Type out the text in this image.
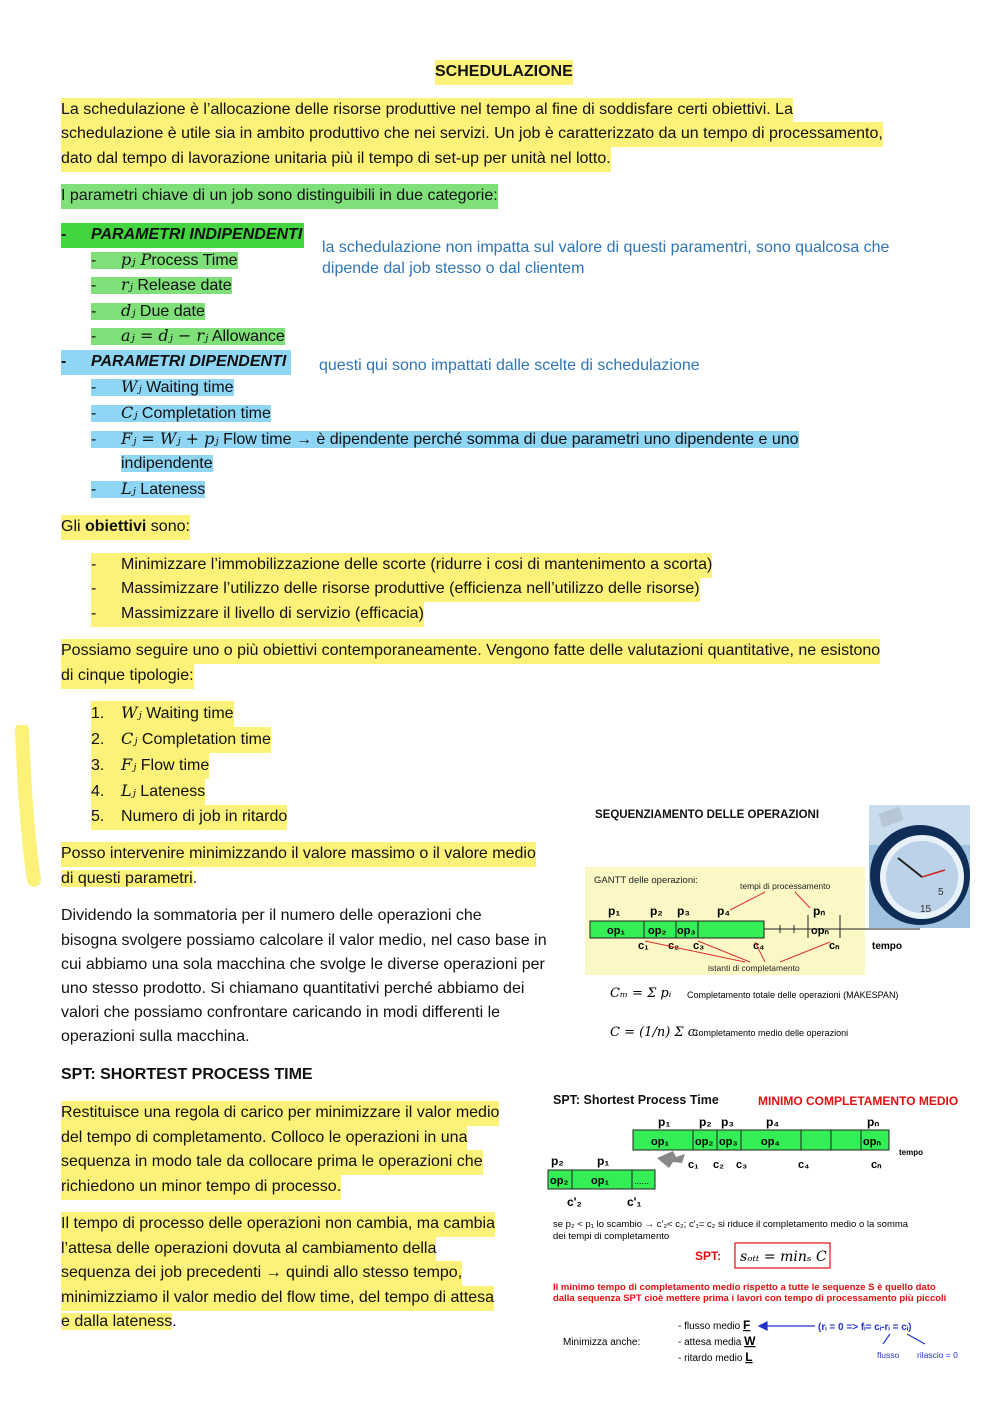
SCHEDULAZIONE
La schedulazione è l’allocazione delle risorse produttive nel tempo al fine di soddisfare certi obiettivi. La
schedulazione è utile sia in ambito produttivo che nei servizi. Un job è caratterizzato da un tempo di processamento,
dato dal tempo di lavorazione unitaria più il tempo di set-up per unità nel lotto.
I parametri chiave di un job sono distinguibili in due categorie:
- PARAMETRI INDIPENDENTI
la schedulazione non impatta sul valore di questi paramentri, sono qualcosa che
dipende dal job stesso o dal clientem
- pⱼ Process Time
- rⱼ Release date
- dⱼ Due date
- aⱼ = dⱼ − rⱼ Allowance
- PARAMETRI DIPENDENTI questi qui sono impattati dalle scelte di schedulazione
- Wⱼ Waiting time
- Cⱼ Completation time
- Fⱼ = Wⱼ + pⱼ Flow time → è dipendente perché somma di due parametri uno dipendente e uno
indipendente
- Lⱼ Lateness
Gli obiettivi sono:
- Minimizzare l’immobilizzazione delle scorte (ridurre i cosi di mantenimento a scorta)
- Massimizzare l’utilizzo delle risorse produttive (efficienza nell’utilizzo delle risorse)
- Massimizzare il livello di servizio (efficacia)
Possiamo seguire uno o più obiettivi contemporaneamente. Vengono fatte delle valutazioni quantitative, ne esistono
di cinque tipologie:
1. Wⱼ Waiting time
2. Cⱼ Completation time
3. Fⱼ Flow time
4. Lⱼ Lateness
5. Numero di job in ritardo
Posso intervenire minimizzando il valore massimo o il valore medio
di questi parametri.
Dividendo la sommatoria per il numero delle operazioni che
bisogna svolgere possiamo calcolare il valor medio, nel caso base in
cui abbiamo una sola macchina che svolge le diverse operazioni per
uno stesso prodotto. Si chiamano quantitativi perché abbiamo dei
valori che possiamo confrontare caricando in modi differenti le
operazioni sulla macchina.
SPT: SHORTEST PROCESS TIME
Restituisce una regola di carico per minimizzare il valor medio
del tempo di completamento. Colloco le operazioni in una
sequenza in modo tale da collocare prima le operazioni che
richiedono un minor tempo di processo.
Il tempo di processo delle operazioni non cambia, ma cambia
l’attesa delle operazioni dovuta al cambiamento della
sequenza dei job precedenti → quindi allo stesso tempo,
minimizziamo il valor medio del flow time, del tempo di attesa
e dalla lateness.
SEQUENZIAMENTO DELLE OPERAZIONI
5
15
GANTT delle operazioni:	tempi di processamento
p₁ p₂ p₃ p₄	pₙ
op₁ op₂ op₃	opₙ
c₁ c₂ c₃	c₄	cₙ	tempo
istanti di completamento
Cₘ = Σ pᵢ Completamento totale delle operazioni (MAKESPAN)
C = (1/n) Σ cᵢ
Completamento medio delle operazioni
SPT: Shortest Process Time	MINIMO COMPLETAMENTO MEDIO
p₁ p₂ p₃	p₄	pₙ
op₁ op₂ op₃ op₄	opₙ
tempo
c₁ c₂ c₃	c₄	cₙ
p₂	p₁
op₂ op₁	......
c'₂	c'₁
se p₂ < p₁ lo scambio → c'₂< c₂; c'₁= c₂ si riduce il completamento medio o la somma
dei tempi di completamento
SPT: sₒₜₜ = minₛ C
Il minimo tempo di completamento medio rispetto a tutte le sequenze S è quello dato
dalla sequenza SPT cioè mettere prima i lavori con tempo di processamento più piccoli
Minimizza anche:
- flusso medio F
- attesa media W
- ritardo medio L
(rᵢ = 0 => fᵢ= cᵢ-rᵢ = cᵢ)
flusso rilascio = 0
